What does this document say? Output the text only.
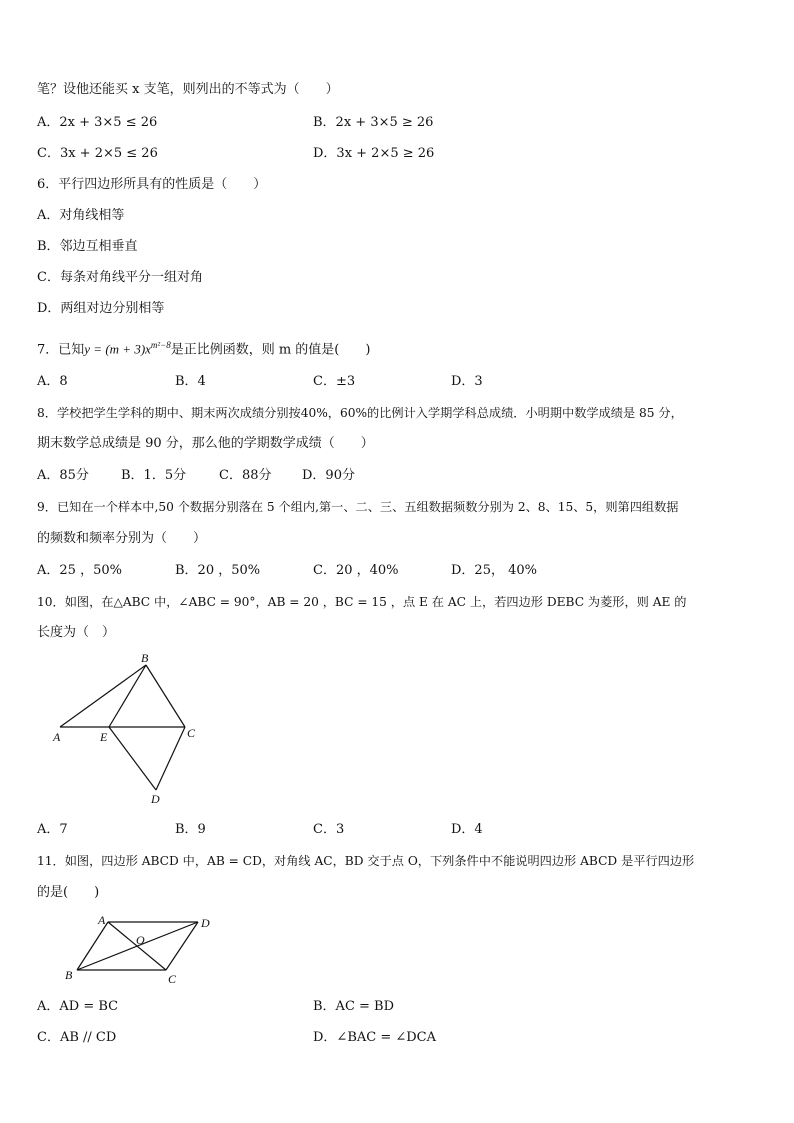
笔？设他还能买 x 支笔，则列出的不等式为（　　）
A．2x + 3×5 ≤ 26	B．2x + 3×5 ≥ 26
C．3x + 2×5 ≤ 26	D．3x + 2×5 ≥ 26
6．平行四边形所具有的性质是（　　）
A．对角线相等
B．邻边互相垂直
C．每条对角线平分一组对角
D．两组对边分别相等
7．已知$y = (m + 3)x^{m^2-8}$是正比例函数，则 m 的值是(　　)
A．8	B．4	C．±3	D．3
8．学校把学生学科的期中、期末两次成绩分别按40%，60%的比例计入学期学科总成绩．小明期中数学成绩是 85 分，
期末数学总成绩是 90 分，那么他的学期数学成绩（　　）
A．85分 B．1．5分	C．88分 D．90分
9．已知在一个样本中,50 个数据分别落在 5 个组内,第一、二、三、五组数据频数分别为 2、8、15、5，则第四组数据
的频数和频率分别为（　　）
A．25 ，50%	B．20 ，50%	C．20 ，40%	D．25， 40%
10．如图，在△ABC 中，∠ABC = 90°，AB = 20 ，BC = 15 ，点 E 在 AC 上，若四边形 DEBC 为菱形，则 AE 的
长度为（　）
B
A	E	C
D
A．7	B．9	C．3	D．4
11．如图，四边形 ABCD 中，AB = CD，对角线 AC，BD 交于点 O，下列条件中不能说明四边形 ABCD 是平行四边形
的是(　　)
A	D
O
B	C
A．AD = BC	B．AC = BD
C．AB // CD	D．∠BAC = ∠DCA
